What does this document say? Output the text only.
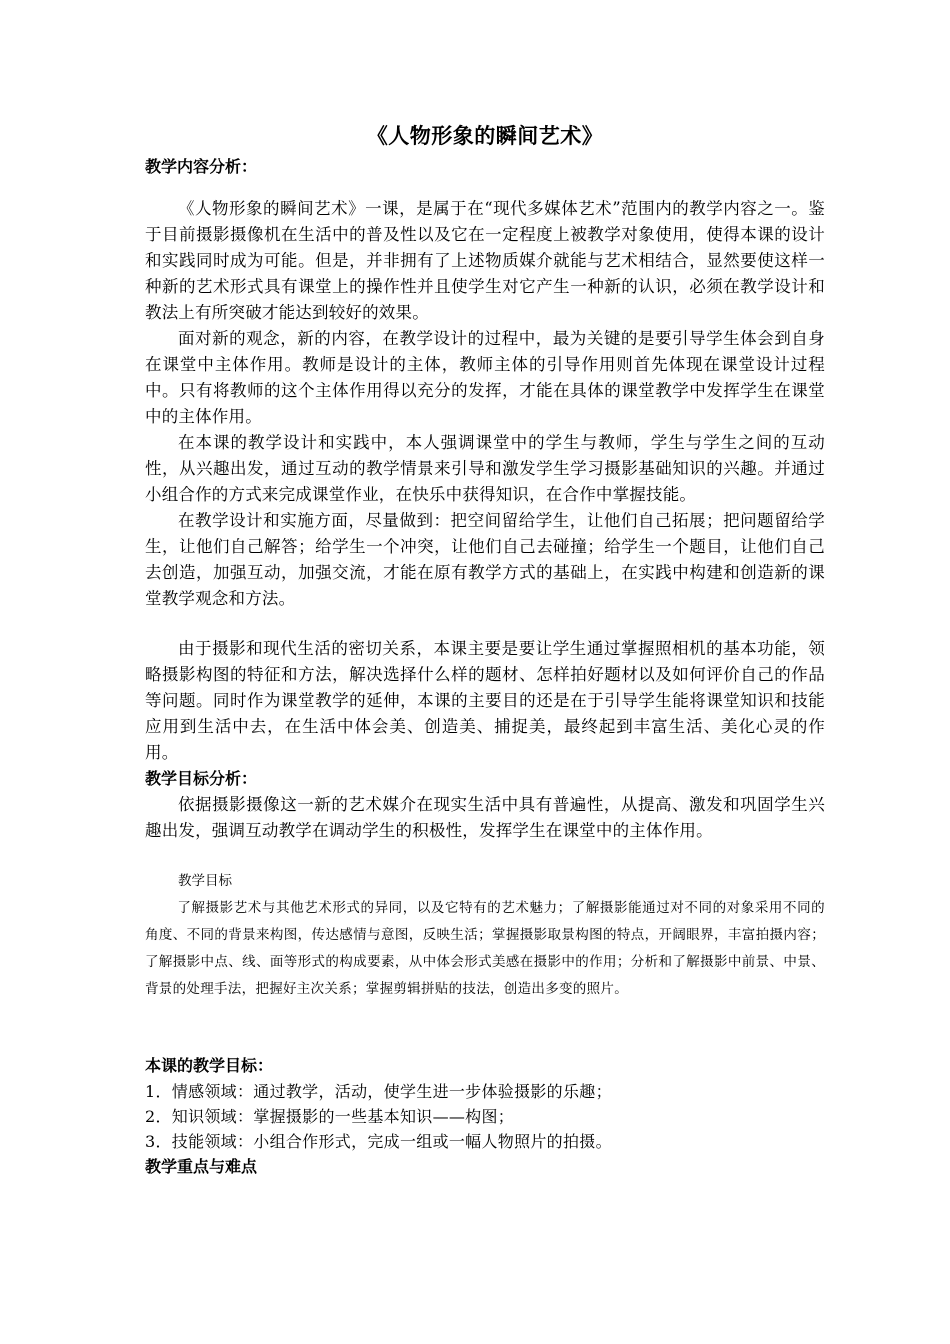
《人物形象的瞬间艺术》

教学内容分析：

《人物形象的瞬间艺术》一课，是属于在“现代多媒体艺术”范围内的教学内容之一。鉴于目前摄影摄像机在生活中的普及性以及它在一定程度上被教学对象使用，使得本课的设计和实践同时成为可能。但是，并非拥有了上述物质媒介就能与艺术相结合，显然要使这样一种新的艺术形式具有课堂上的操作性并且使学生对它产生一种新的认识，必须在教学设计和教法上有所突破才能达到较好的效果。

面对新的观念，新的内容，在教学设计的过程中，最为关键的是要引导学生体会到自身在课堂中主体作用。教师是设计的主体，教师主体的引导作用则首先体现在课堂设计过程中。只有将教师的这个主体作用得以充分的发挥，才能在具体的课堂教学中发挥学生在课堂中的主体作用。

在本课的教学设计和实践中，本人强调课堂中的学生与教师，学生与学生之间的互动性，从兴趣出发，通过互动的教学情景来引导和激发学生学习摄影基础知识的兴趣。并通过小组合作的方式来完成课堂作业，在快乐中获得知识，在合作中掌握技能。

在教学设计和实施方面，尽量做到：把空间留给学生，让他们自己拓展；把问题留给学生，让他们自己解答；给学生一个冲突，让他们自己去碰撞；给学生一个题目，让他们自己去创造，加强互动，加强交流，才能在原有教学方式的基础上，在实践中构建和创造新的课堂教学观念和方法。

由于摄影和现代生活的密切关系，本课主要是要让学生通过掌握照相机的基本功能，领略摄影构图的特征和方法，解决选择什么样的题材、怎样拍好题材以及如何评价自己的作品等问题。同时作为课堂教学的延伸，本课的主要目的还是在于引导学生能将课堂知识和技能应用到生活中去，在生活中体会美、创造美、捕捉美，最终起到丰富生活、美化心灵的作用。

教学目标分析：

依据摄影摄像这一新的艺术媒介在现实生活中具有普遍性，从提高、激发和巩固学生兴趣出发，强调互动教学在调动学生的积极性，发挥学生在课堂中的主体作用。

教学目标

了解摄影艺术与其他艺术形式的异同，以及它特有的艺术魅力；了解摄影能通过对不同的对象采用不同的角度、不同的背景来构图，传达感情与意图，反映生活；掌握摄影取景构图的特点，开阔眼界，丰富拍摄内容；了解摄影中点、线、面等形式的构成要素，从中体会形式美感在摄影中的作用；分析和了解摄影中前景、中景、背景的处理手法，把握好主次关系；掌握剪辑拼贴的技法，创造出多变的照片。

本课的教学目标：

1．情感领域：通过教学，活动，使学生进一步体验摄影的乐趣；

2．知识领域：掌握摄影的一些基本知识——构图；

3．技能领域：小组合作形式，完成一组或一幅人物照片的拍摄。

教学重点与难点
